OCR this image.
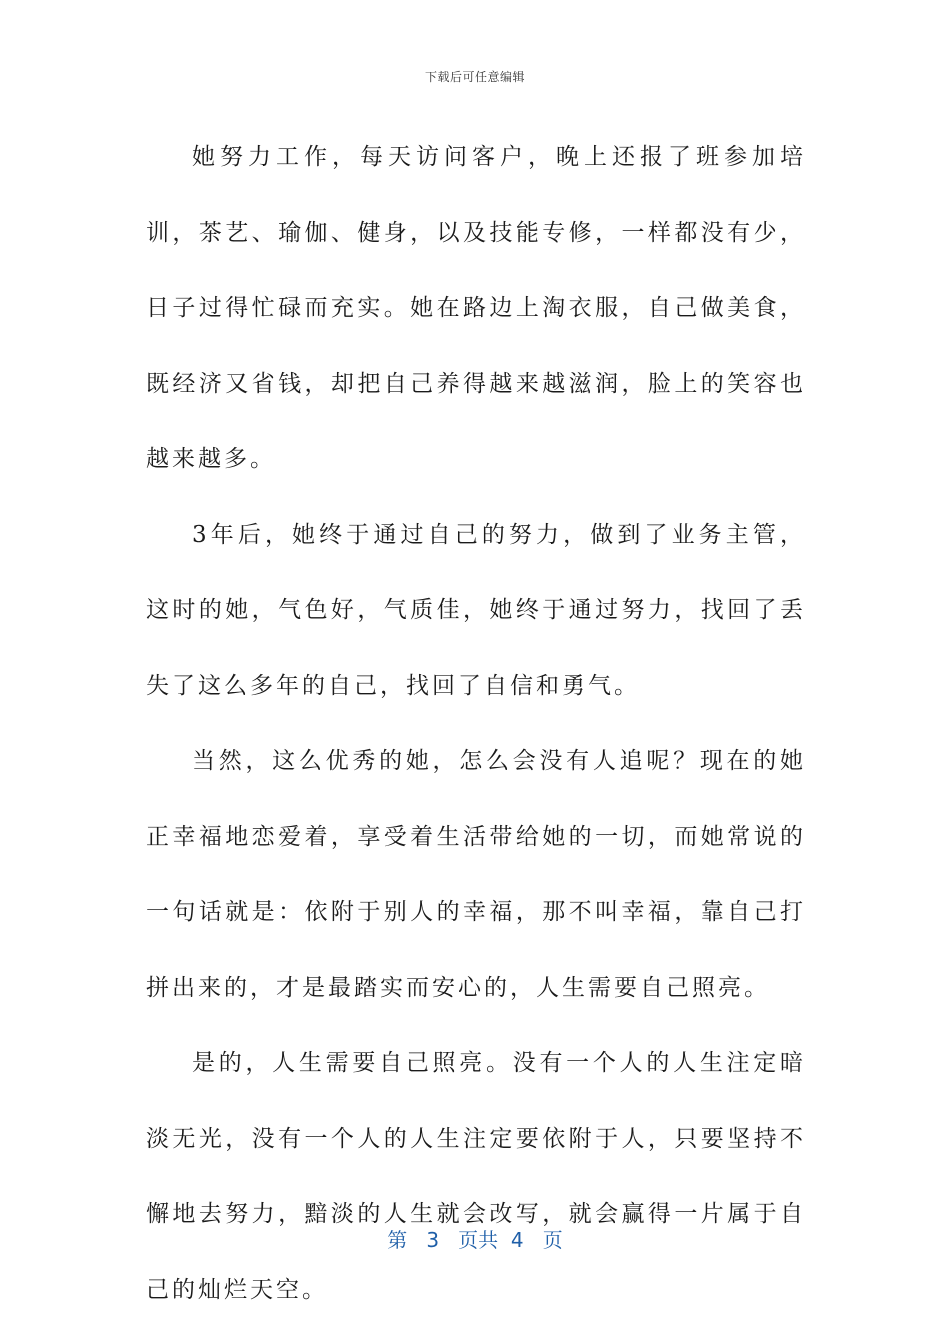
下载后可任意编辑

她努力工作，每天访问客户，晚上还报了班参加培训，茶艺、瑜伽、健身，以及技能专修，一样都没有少，日子过得忙碌而充实。她在路边上淘衣服，自己做美食，既经济又省钱，却把自己养得越来越滋润，脸上的笑容也越来越多。

3年后，她终于通过自己的努力，做到了业务主管，这时的她，气色好，气质佳，她终于通过努力，找回了丢失了这么多年的自己，找回了自信和勇气。

当然，这么优秀的她，怎么会没有人追呢？现在的她正幸福地恋爱着，享受着生活带给她的一切，而她常说的一句话就是：依附于别人的幸福，那不叫幸福，靠自己打拼出来的，才是最踏实而安心的，人生需要自己照亮。

是的，人生需要自己照亮。没有一个人的人生注定暗淡无光，没有一个人的人生注定要依附于人，只要坚持不懈地去努力，黯淡的人生就会改写，就会赢得一片属于自己的灿烂天空。

第 3 页共 4 页
